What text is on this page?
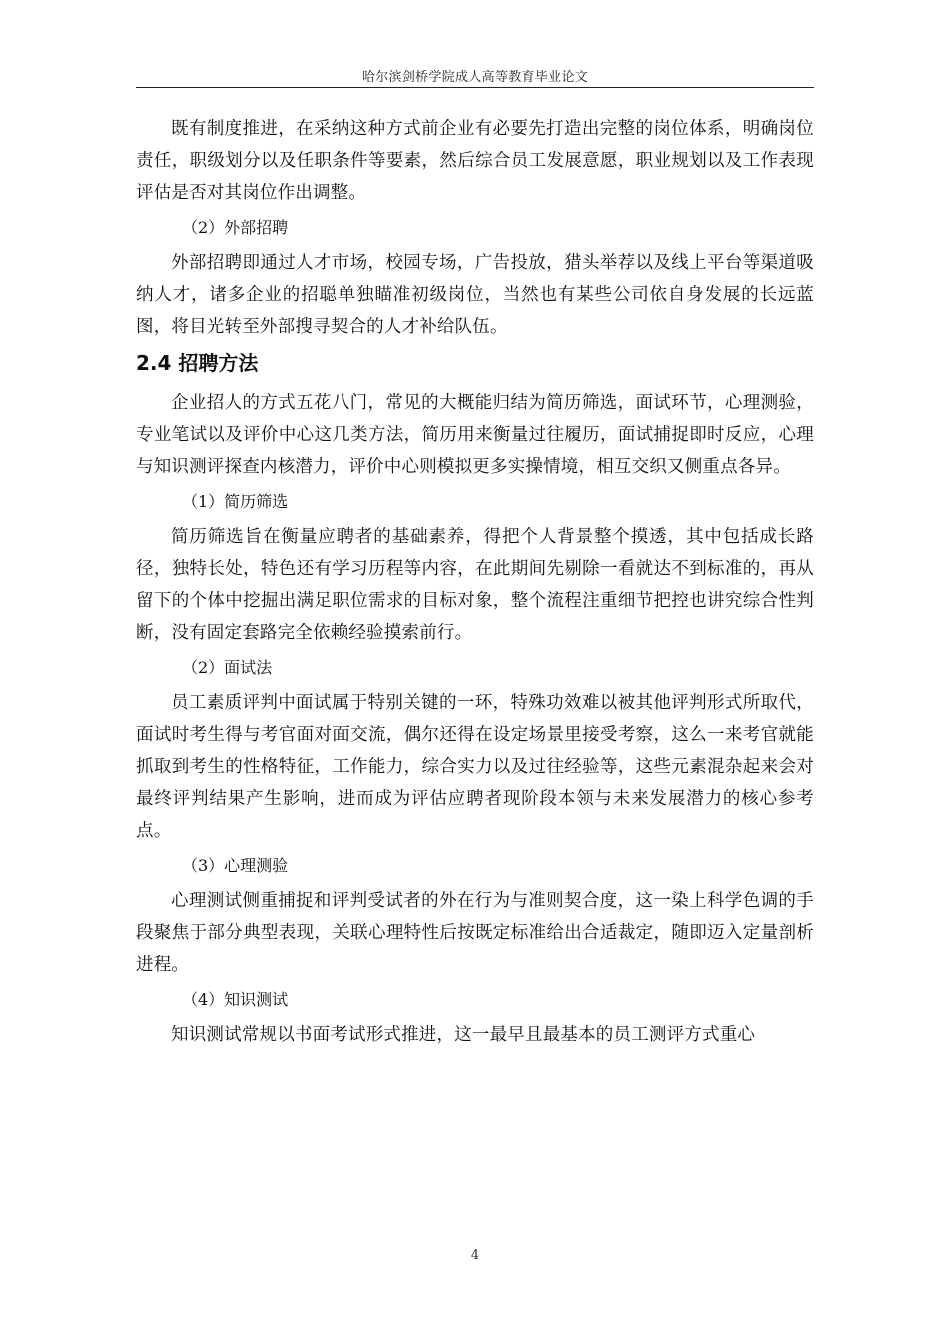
哈尔滨剑桥学院成人高等教育毕业论文

既有制度推进，在采纳这种方式前企业有必要先打造出完整的岗位体系，明确岗位责任，职级划分以及任职条件等要素，然后综合员工发展意愿，职业规划以及工作表现评估是否对其岗位作出调整。

（2）外部招聘

外部招聘即通过人才市场，校园专场，广告投放，猎头举荐以及线上平台等渠道吸纳人才，诸多企业的招聪单独瞄准初级岗位，当然也有某些公司依自身发展的长远蓝图，将目光转至外部搜寻契合的人才补给队伍。

2.4 招聘方法

企业招人的方式五花八门，常见的大概能归结为简历筛选，面试环节，心理测验，专业笔试以及评价中心这几类方法，简历用来衡量过往履历，面试捕捉即时反应，心理与知识测评探查内核潜力，评价中心则模拟更多实操情境，相互交织又侧重点各异。

（1）简历筛选

简历筛选旨在衡量应聘者的基础素养，得把个人背景整个摸透，其中包括成长路径，独特长处，特色还有学习历程等内容，在此期间先剔除一看就达不到标准的，再从留下的个体中挖掘出满足职位需求的目标对象，整个流程注重细节把控也讲究综合性判断，没有固定套路完全依赖经验摸索前行。

（2）面试法

员工素质评判中面试属于特别关键的一环，特殊功效难以被其他评判形式所取代，面试时考生得与考官面对面交流，偶尔还得在设定场景里接受考察，这么一来考官就能抓取到考生的性格特征，工作能力，综合实力以及过往经验等，这些元素混杂起来会对最终评判结果产生影响，进而成为评估应聘者现阶段本领与未来发展潜力的核心参考点。

（3）心理测验

心理测试侧重捕捉和评判受试者的外在行为与准则契合度，这一染上科学色调的手段聚焦于部分典型表现，关联心理特性后按既定标准给出合适裁定，随即迈入定量剖析进程。

（4）知识测试

知识测试常规以书面考试形式推进，这一最早且最基本的员工测评方式重心

4
